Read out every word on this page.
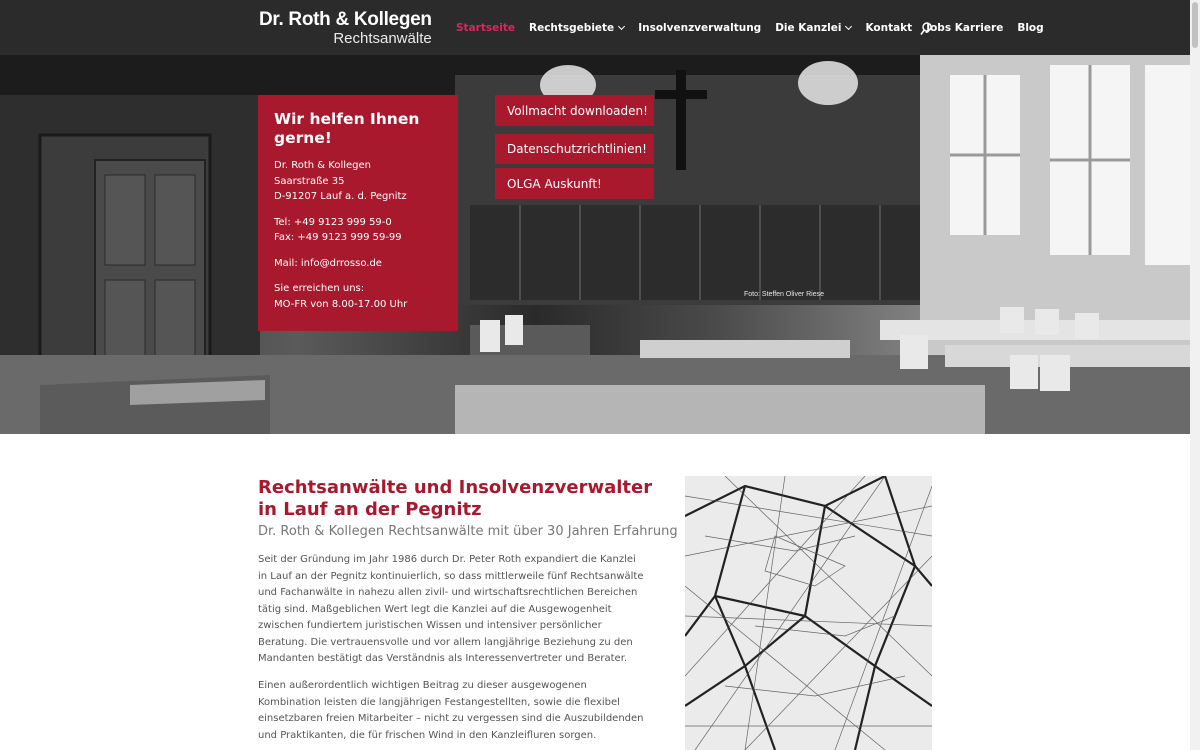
Dr. Roth & Kollegen
Rechtsanwälte
Startseite Rechtsgebiete Insolvenzverwaltung Die Kanzlei Kontakt Jobs Karriere Blog
Foto: Steffen Oliver Riese
Wir helfen Ihnen gerne!
Dr. Roth & Kollegen
Saarstraße 35
D-91207 Lauf a. d. Pegnitz
Tel: +49 9123 999 59-0
Fax: +49 9123 999 59-99
Mail: info@drrosso.de
Sie erreichen uns:
MO-FR von 8.00-17.00 Uhr
Vollmacht downloaden!
Datenschutzrichtlinien!
OLGA Auskunft!
Rechtsanwälte und Insolvenzverwalter
in Lauf an der Pegnitz
Dr. Roth & Kollegen Rechtsanwälte mit über 30 Jahren Erfahrung

Seit der Gründung im Jahr 1986 durch Dr. Peter Roth expandiert die Kanzlei in Lauf an der Pegnitz kontinuierlich, so dass mittlerweile fünf Rechtsanwälte und Fachanwälte in nahezu allen zivil- und wirtschaftsrechtlichen Bereichen tätig sind. Maßgeblichen Wert legt die Kanzlei auf die Ausgewogenheit zwischen fundiertem juristischen Wissen und intensiver persönlicher Beratung. Die vertrauensvolle und vor allem langjährige Beziehung zu den Mandanten bestätigt das Verständnis als Interessenvertreter und Berater.

Einen außerordentlich wichtigen Beitrag zu dieser ausgewogenen Kombination leisten die langjährigen Festangestellten, sowie die flexibel einsetzbaren freien Mitarbeiter – nicht zu vergessen sind die Auszubildenden und Praktikanten, die für frischen Wind in den Kanzleifluren sorgen.
